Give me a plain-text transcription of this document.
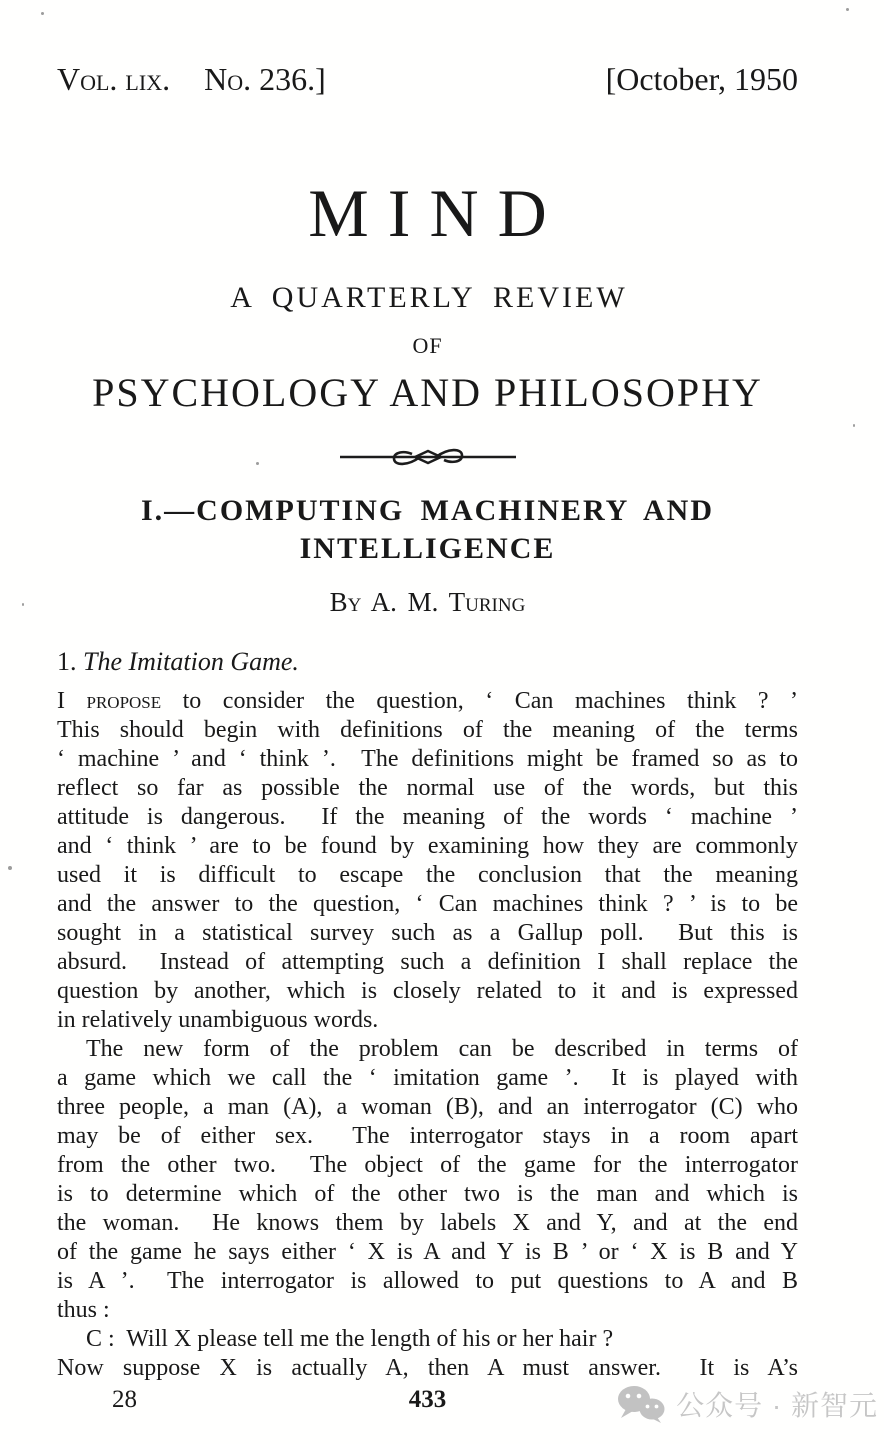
Vol. lix. No. 236.]	[October, 1950
MIND
A QUARTERLY REVIEW
OF
PSYCHOLOGY AND PHILOSOPHY
I.—COMPUTING MACHINERY AND
INTELLIGENCE
By A. M. Turing
1. The Imitation Game.
I propose to consider the question, ‘ Can machines think ? ’
This should begin with definitions of the meaning of the terms
‘ machine ’ and ‘ think ’.  The definitions might be framed so as to
reflect so far as possible the normal use of the words, but this
attitude is dangerous.  If the meaning of the words ‘ machine ’
and ‘ think ’ are to be found by examining how they are commonly
used it is difficult to escape the conclusion that the meaning
and the answer to the question, ‘ Can machines think ? ’ is to be
sought in a statistical survey such as a Gallup poll.  But this is
absurd.  Instead of attempting such a definition I shall replace the
question by another, which is closely related to it and is expressed
in relatively unambiguous words.
The new form of the problem can be described in terms of
a game which we call the ‘ imitation game ’.  It is played with
three people, a man (A), a woman (B), and an interrogator (C) who
may be of either sex.  The interrogator stays in a room apart
from the other two.  The object of the game for the interrogator
is to determine which of the other two is the man and which is
the woman.  He knows them by labels X and Y, and at the end
of the game he says either ‘ X is A and Y is B ’ or ‘ X is B and Y
is A ’.  The interrogator is allowed to put questions to A and B
thus :
C :  Will X please tell me the length of his or her hair ?
Now suppose X is actually A, then A must answer.  It is A’s
28	433	公众号 · 新智元
